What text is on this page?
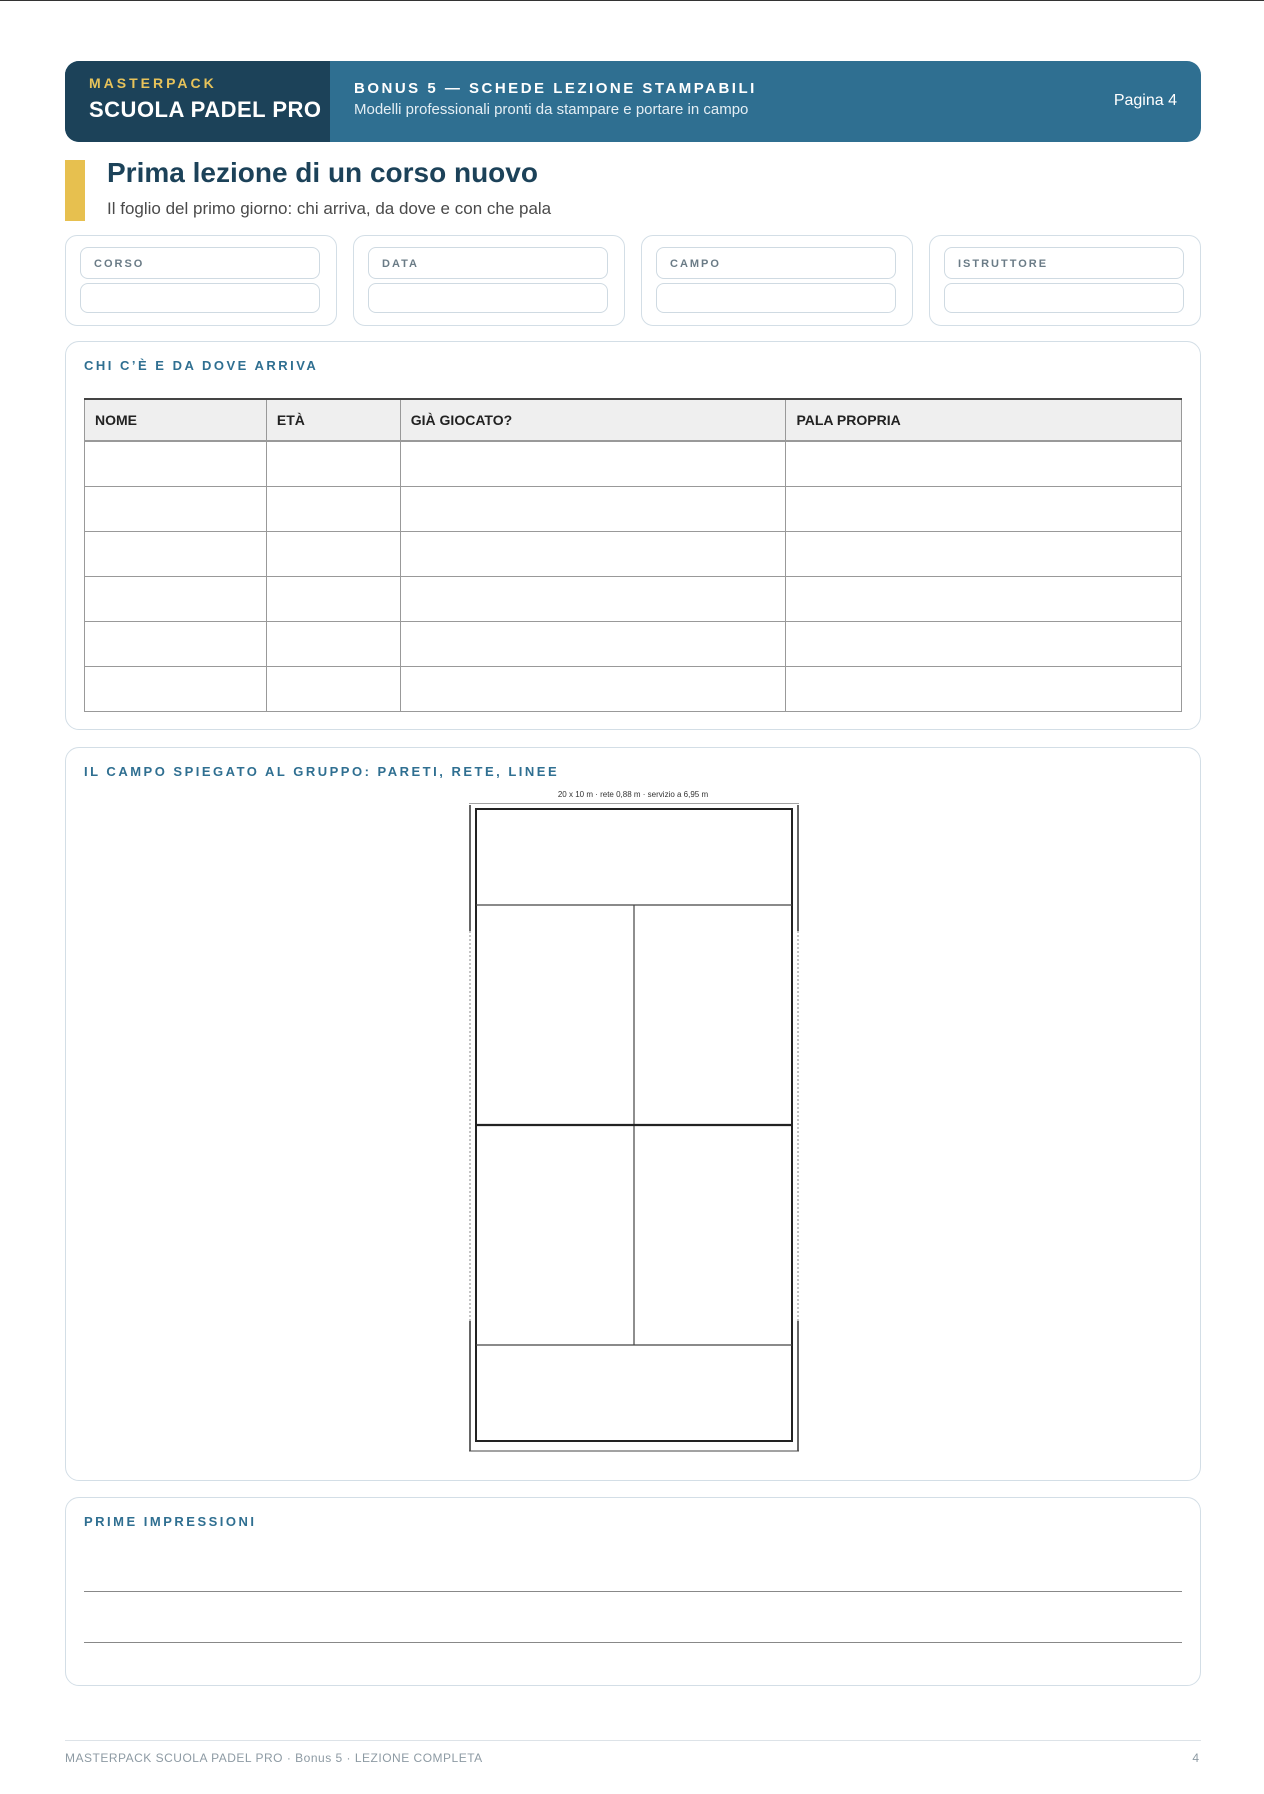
MASTERPACK
SCUOLA PADEL PRO
BONUS 5 — SCHEDE LEZIONE STAMPABILI
Modelli professionali pronti da stampare e portare in campo
Pagina 4
Prima lezione di un corso nuovo
Il foglio del primo giorno: chi arriva, da dove e con che pala
CORSO	DATA	CAMPO	ISTRUTTORE
CHI C’È E DA DOVE ARRIVA
NOME	ETÀ	GIÀ GIOCATO?	PALA PROPRIA

IL CAMPO SPIEGATO AL GRUPPO: PARETI, RETE, LINEE
20 x 10 m · rete 0,88 m · servizio a 6,95 m
PRIME IMPRESSIONI
MASTERPACK SCUOLA PADEL PRO · Bonus 5 · LEZIONE COMPLETA	4
